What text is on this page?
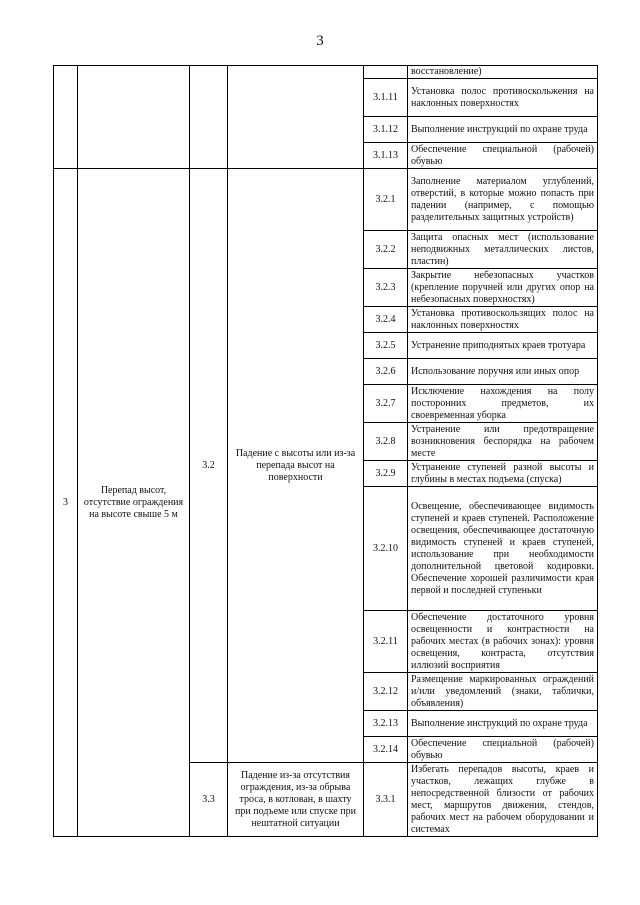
3
					восстановление)
				3.1.11	Установка полос противоскольжения на наклонных поверхностях
				3.1.12	Выполнение инструкций по охране труда
				3.1.13	Обеспечение специальной (рабочей) обувью
3	Перепад высот, отсутствие ограждения на высоте свыше 5 м	3.2	Падение с высоты или из-за перепада высот на поверхности	3.2.1	Заполнение материалом углублений, отверстий, в которые можно попасть при падении (например, с помощью разделительных защитных устройств)
				3.2.2	Защита опасных мест (использование неподвижных металлических листов, пластин)
				3.2.3	Закрытие небезопасных участков (крепление поручней или других опор на небезопасных поверхностях)
				3.2.4	Установка противоскользящих полос на наклонных поверхностях
				3.2.5	Устранение приподнятых краев тротуара
				3.2.6	Использование поручня или иных опор
				3.2.7	Исключение нахождения на полу посторонних предметов, их своевременная уборка
				3.2.8	Устранение или предотвращение возникновения беспорядка на рабочем месте
				3.2.9	Устранение ступеней разной высоты и глубины в местах подъема (спуска)
				3.2.10	Освещение, обеспечивающее видимость ступеней и краев ступеней. Расположение освещения, обеспечивающее достаточную видимость ступеней и краев ступеней, использование при необходимости дополнительной цветовой кодировки. Обеспечение хорошей различимости края первой и последней ступеньки
				3.2.11	Обеспечение достаточного уровня освещенности и контрастности на рабочих местах (в рабочих зонах): уровня освещения, контраста, отсутствия иллюзий восприятия
				3.2.12	Размещение маркированных ограждений и/или уведомлений (знаки, таблички, объявления)
				3.2.13	Выполнение инструкций по охране труда
				3.2.14	Обеспечение специальной (рабочей) обувью
		3.3	Падение из-за отсутствия ограждения, из-за обрыва троса, в котлован, в шахту при подъеме или спуске при нештатной ситуации	3.3.1	Избегать перепадов высоты, краев и участков, лежащих глубже в непосредственной близости от рабочих мест, маршрутов движения, стендов, рабочих мест на рабочем оборудовании и системах
